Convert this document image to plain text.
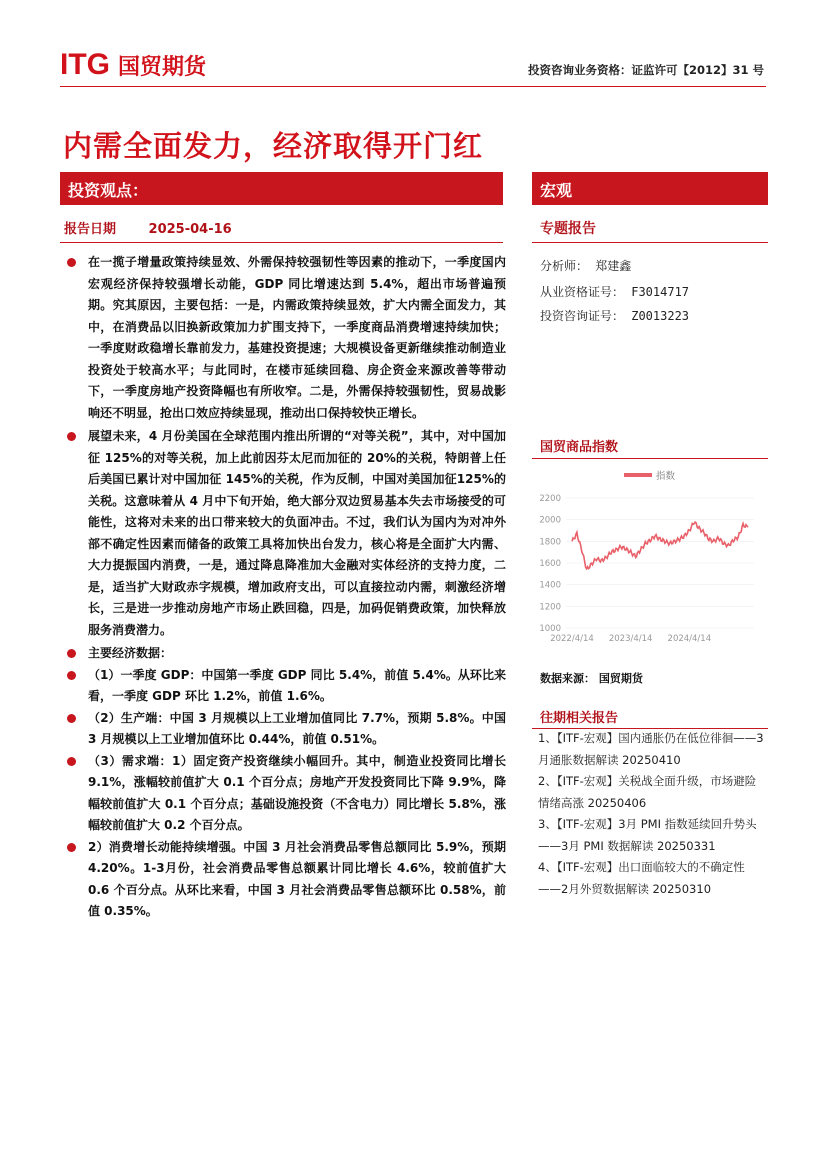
ITG 国贸期货	投资咨询业务资格：证监许可【2012】31 号
内需全面发力，经济取得开门红
投资观点：	宏观
报告日期	2025-04-16	专题报告
分析师： 郑建鑫
从业资格证号： F3014717
投资咨询证号： Z0013223
在一揽子增量政策持续显效、外需保持较强韧性等因素的推动下，一季度国内宏观经济保持较强增长动能，GDP 同比增速达到 5.4%，超出市场普遍预期。究其原因，主要包括：一是，内需政策持续显效，扩大内需全面发力，其中，在消费品以旧换新政策加力扩围支持下，一季度商品消费增速持续加快；一季度财政稳增长靠前发力，基建投资提速；大规模设备更新继续推动制造业投资处于较高水平；与此同时，在楼市延续回稳、房企资金来源改善等带动下，一季度房地产投资降幅也有所收窄。二是，外需保持较强韧性，贸易战影响还不明显，抢出口效应持续显现，推动出口保持较快正增长。
展望未来，4 月份美国在全球范围内推出所谓的“对等关税”，其中，对中国加征 125%的对等关税，加上此前因芬太尼而加征的 20%的关税，特朗普上任后美国已累计对中国加征 145%的关税，作为反制，中国对美国加征125%的关税。这意味着从 4 月中下旬开始，绝大部分双边贸易基本失去市场接受的可能性，这将对未来的出口带来较大的负面冲击。不过，我们认为国内为对冲外部不确定性因素而储备的政策工具将加快出台发力，核心将是全面扩大内需、大力提振国内消费，一是，通过降息降准加大金融对实体经济的支持力度，二是，适当扩大财政赤字规模，增加政府支出，可以直接拉动内需，刺激经济增长，三是进一步推动房地产市场止跌回稳，四是，加码促销费政策，加快释放服务消费潜力。
主要经济数据：
（1）一季度 GDP：中国第一季度 GDP 同比 5.4%，前值 5.4%。从环比来看，一季度 GDP 环比 1.2%，前值 1.6%。
（2）生产端：中国 3 月规模以上工业增加值同比 7.7%，预期 5.8%。中国 3 月规模以上工业增加值环比 0.44%，前值 0.51%。
（3）需求端：1）固定资产投资继续小幅回升。其中，制造业投资同比增长 9.1%，涨幅较前值扩大 0.1 个百分点；房地产开发投资同比下降 9.9%，降幅较前值扩大 0.1 个百分点；基础设施投资（不含电力）同比增长 5.8%，涨幅较前值扩大 0.2 个百分点。
2）消费增长动能持续增强。中国 3 月社会消费品零售总额同比 5.9%，预期4.20%。1-3月份，社会消费品零售总额累计同比增长 4.6%，较前值扩大 0.6 个百分点。从环比来看，中国 3 月社会消费品零售总额环比 0.58%，前值 0.35%。
国贸商品指数
指数
1000
1200
1400
1600
1800
2000
2200
2022/4/14 2023/4/14 2024/4/14
数据来源： 国贸期货
往期相关报告
1、【ITF-宏观】国内通胀仍在低位徘徊——3月通胀数据解读 20250410
2、【ITF-宏观】关税战全面升级，市场避险情绪高涨 20250406
3、【ITF-宏观】3月 PMI 指数延续回升势头——3月 PMI 数据解读 20250331
4、【ITF-宏观】出口面临较大的不确定性——2月外贸数据解读 20250310
